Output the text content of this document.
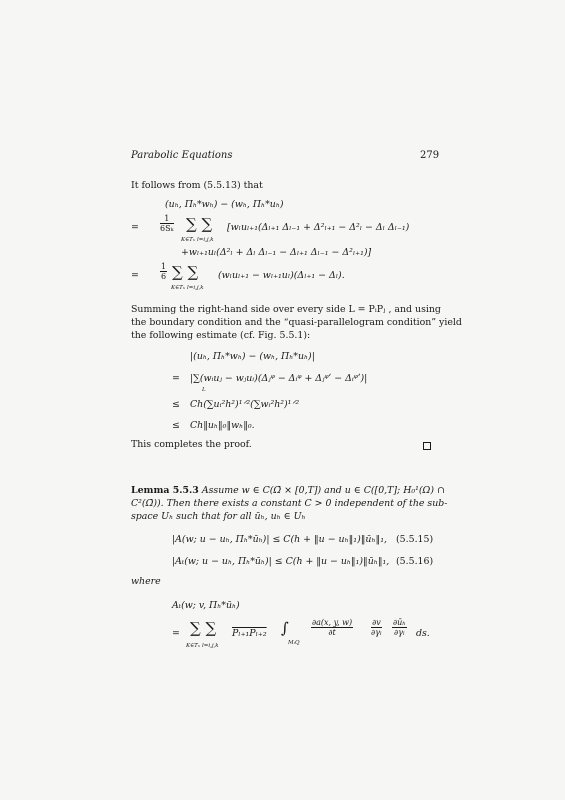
Parabolic Equations	279
It follows from (5.5.13) that
(uₕ, Πₕ*wₕ) − (wₕ, Πₕ*uₕ)
=	$\frac{1}{\text{6Sₖ}}$ ∑ ∑
K∈Tₕ l=i,j,k
[wₗuₗ₊₁(Δₗ₊₁ Δₗ₋₁ + Δ²ₗ₊₁ − Δ²ₗ − Δₗ Δₗ₋₁)
+wₗ₊₁uₗ(Δ²ₗ + Δₗ Δₗ₋₁ − Δₗ₊₁ Δₗ₋₁ − Δ²ₗ₊₁)]
=	$\frac{1}{6}$ ∑ ∑
K∈Tₕ l=i,j,k
(wₗuₗ₊₁ − wₗ₊₁uₗ)(Δₗ₊₁ − Δₗ).
Summing the right-hand side over every side L = PᵢPⱼ , and using
the boundary condition and the “quasi-parallelogram condition” yield
the following estimate (cf. Fig. 5.5.1):
|(uₕ, Πₕ*wₕ) − (wₕ, Πₕ*uₕ)|
= |∑(wᵢuⱼ − wⱼuᵢ)(Δⱼᵠ − Δᵢᵠ + Δⱼᵠʹ − Δᵢᵠʹ)|
L
≤ Ch(∑uᵢ²h²)¹ᐟ²(∑wᵢ²h²)¹ᐟ²
≤ Ch‖uₕ‖₀‖wₕ‖₀.
This completes the proof.
Lemma 5.5.3 Assume w ∈ C(Ω̄ × [0,T]) and u ∈ C([0,T]; H₀¹(Ω) ∩
C²(Ω̄)). Then there exists a constant C > 0 independent of the sub-
space Uₕ such that for all ūₕ, uₕ ∈ Uₕ
|A(w; u − uₕ, Πₕ*ūₕ)| ≤ C(h + ‖u − uₕ‖₁)‖ūₕ‖₁, (5.5.15)
|Aₜ(w; u − uₕ, Πₕ*ūₕ)| ≤ C(h + ‖u − uₕ‖₁)‖ūₕ‖₁, (5.5.16)
where
Aₜ(w; v, Πₕ*ūₕ)
= ∑ ∑
K∈Tₕ l=i,j,k
Pₗ₊₁Pₗ₊₂ ∫
MₗQ
$\frac{\partial a(x, y, w)}{\partial t} \frac{\partial v}{\text{∂γₗ}} \frac{\text{∂ūₕ}}{\text{∂γₗ}}$ ds.
